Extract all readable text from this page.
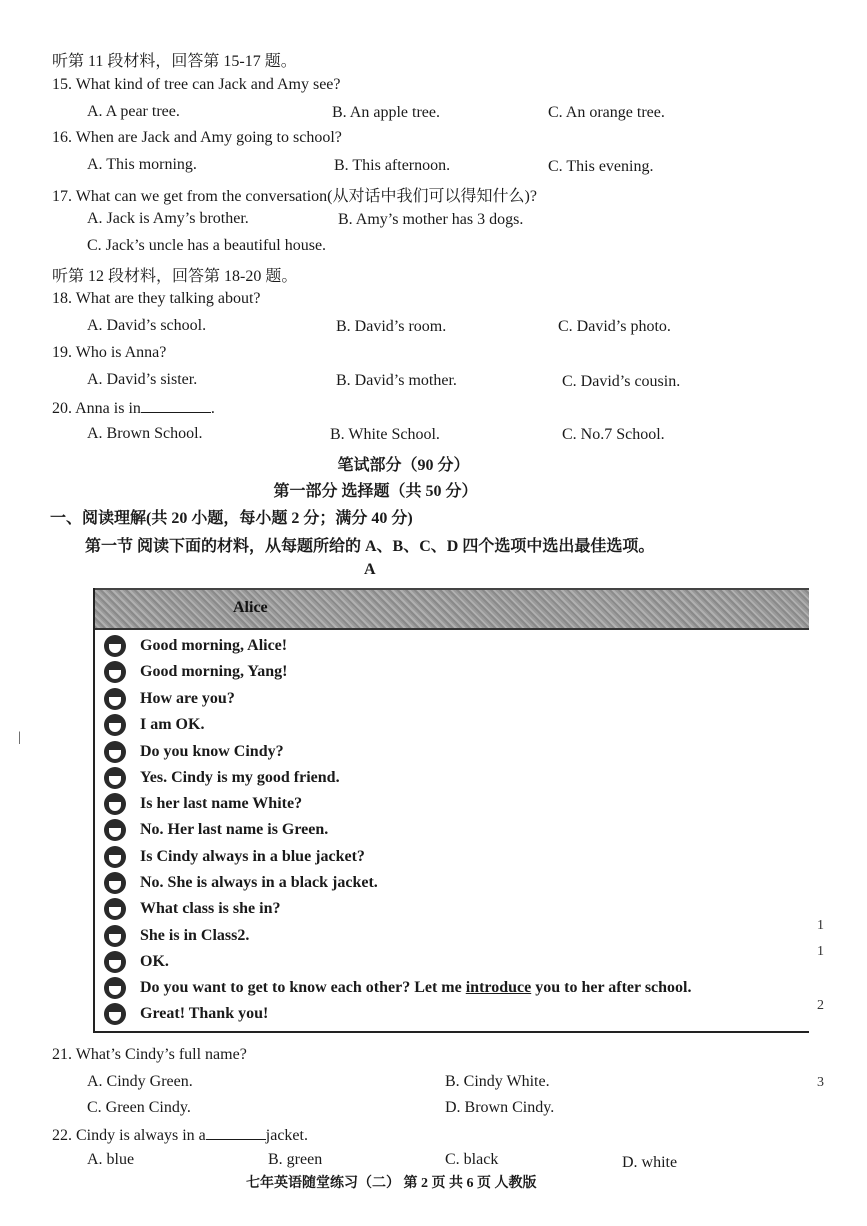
听第 11 段材料，回答第 15-17 题。
15. What kind of tree can Jack and Amy see?
A. A pear tree.	B. An apple tree.	C. An orange tree.
16. When are Jack and Amy going to school?
A. This morning.	B. This afternoon.	C. This evening.
17. What can we get from the conversation(从对话中我们可以得知什么)?
A. Jack is Amy’s brother.	B. Amy’s mother has 3 dogs.
C. Jack’s uncle has a beautiful house.
听第 12 段材料，回答第 18-20 题。
18. What are they talking about?
A. David’s school.	B. David’s room.	C. David’s photo.
19. Who is Anna?
A. David’s sister.	B. David’s mother.	C. David’s cousin.
20. Anna is in	.
A. Brown School.	B. White School.	C. No.7 School.
笔试部分（90 分）
第一部分 选择题（共 50 分）
一、阅读理解(共 20 小题，每小题 2 分；满分 40 分)
第一节 阅读下面的材料，从每题所给的 A、B、C、D 四个选项中选出最佳选项。
A
Alice
Good morning, Alice!
Good morning, Yang!
How are you?
I am OK.
Do you know Cindy?
Yes. Cindy is my good friend.
Is her last name White?
No. Her last name is Green.
Is Cindy always in a blue jacket?
No. She is always in a black jacket.
What class is she in?
She is in Class2.
OK.
Do you want to get to know each other? Let me introduce you to her after school.
Great! Thank you!
21. What’s Cindy’s full name?
A. Cindy Green.	B. Cindy White.
C. Green Cindy.	D. Brown Cindy.
22. Cindy is always in a	jacket.
A. blue	B. green	C. black	D. white
七年英语随堂练习（二） 第 2 页 共 6 页 人教版
|
1
1
2
3
